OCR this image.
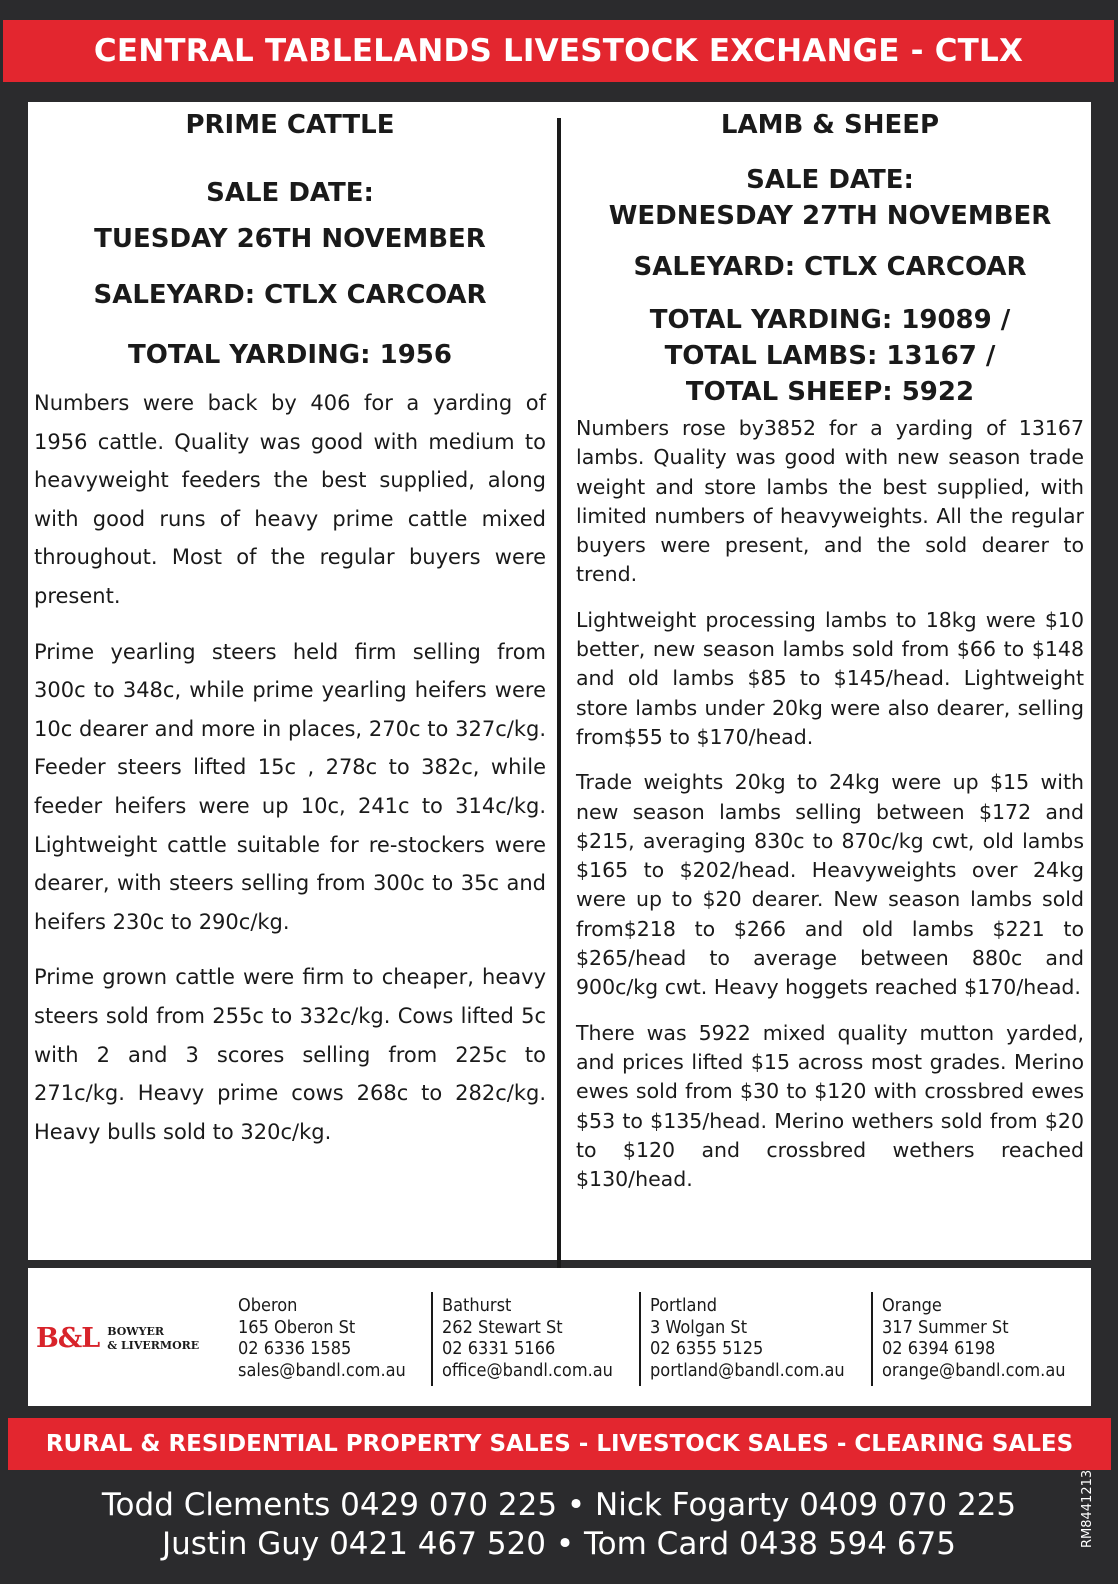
CENTRAL TABLELANDS LIVESTOCK EXCHANGE - CTLX
PRIME CATTLE
SALE DATE:
TUESDAY 26TH NOVEMBER
SALEYARD: CTLX CARCOAR
TOTAL YARDING: 1956

Numbers were back by 406 for a yarding of 1956 cattle. Quality was good with medium to heavyweight feeders the best supplied, along with good runs of heavy prime cattle mixed throughout. Most of the regular buyers were present.

Prime yearling steers held firm selling from 300c to 348c, while prime yearling heifers were 10c dearer and more in places, 270c to 327c/kg. Feeder steers lifted 15c , 278c to 382c, while feeder heifers were up 10c, 241c to 314c/kg. Lightweight cattle suitable for re-stockers were dearer, with steers selling from 300c to 35c and heifers 230c to 290c/kg.

Prime grown cattle were firm to cheaper, heavy steers sold from 255c to 332c/kg. Cows lifted 5c with 2 and 3 scores selling from 225c to 271c/kg. Heavy prime cows 268c to 282c/kg. Heavy bulls sold to 320c/kg.

LAMB & SHEEP
SALE DATE:
WEDNESDAY 27TH NOVEMBER
SALEYARD: CTLX CARCOAR
TOTAL YARDING: 19089 /
TOTAL LAMBS: 13167 /
TOTAL SHEEP: 5922

Numbers rose by3852 for a yarding of 13167 lambs. Quality was good with new season trade weight and store lambs the best supplied, with limited numbers of heavyweights. All the regular buyers were present, and the sold dearer to trend.

Lightweight processing lambs to 18kg were $10 better, new season lambs sold from $66 to $148 and old lambs $85 to $145/head. Lightweight store lambs under 20kg were also dearer, selling from$55 to $170/head.

Trade weights 20kg to 24kg were up $15 with new season lambs selling between $172 and $215, averaging 830c to 870c/kg cwt, old lambs $165 to $202/head. Heavyweights over 24kg were up to $20 dearer. New season lambs sold from$218 to $266 and old lambs $221 to $265/head to average between 880c and 900c/kg cwt. Heavy hoggets reached $170/head.

There was 5922 mixed quality mutton yarded, and prices lifted $15 across most grades. Merino ewes sold from $30 to $120 with crossbred ewes $53 to $135/head. Merino wethers sold from $20 to $120 and crossbred wethers reached $130/head.

B&L BOWYER
& LIVERMORE
Oberon
165 Oberon St
02 6336 1585
sales@bandl.com.au
Bathurst
262 Stewart St
02 6331 5166
office@bandl.com.au
Portland
3 Wolgan St
02 6355 5125
portland@bandl.com.au
Orange
317 Summer St
02 6394 6198
orange@bandl.com.au
RURAL & RESIDENTIAL PROPERTY SALES - LIVESTOCK SALES - CLEARING SALES
Todd Clements 0429 070 225 • Nick Fogarty 0409 070 225
Justin Guy 0421 467 520 • Tom Card 0438 594 675	RM8441213
